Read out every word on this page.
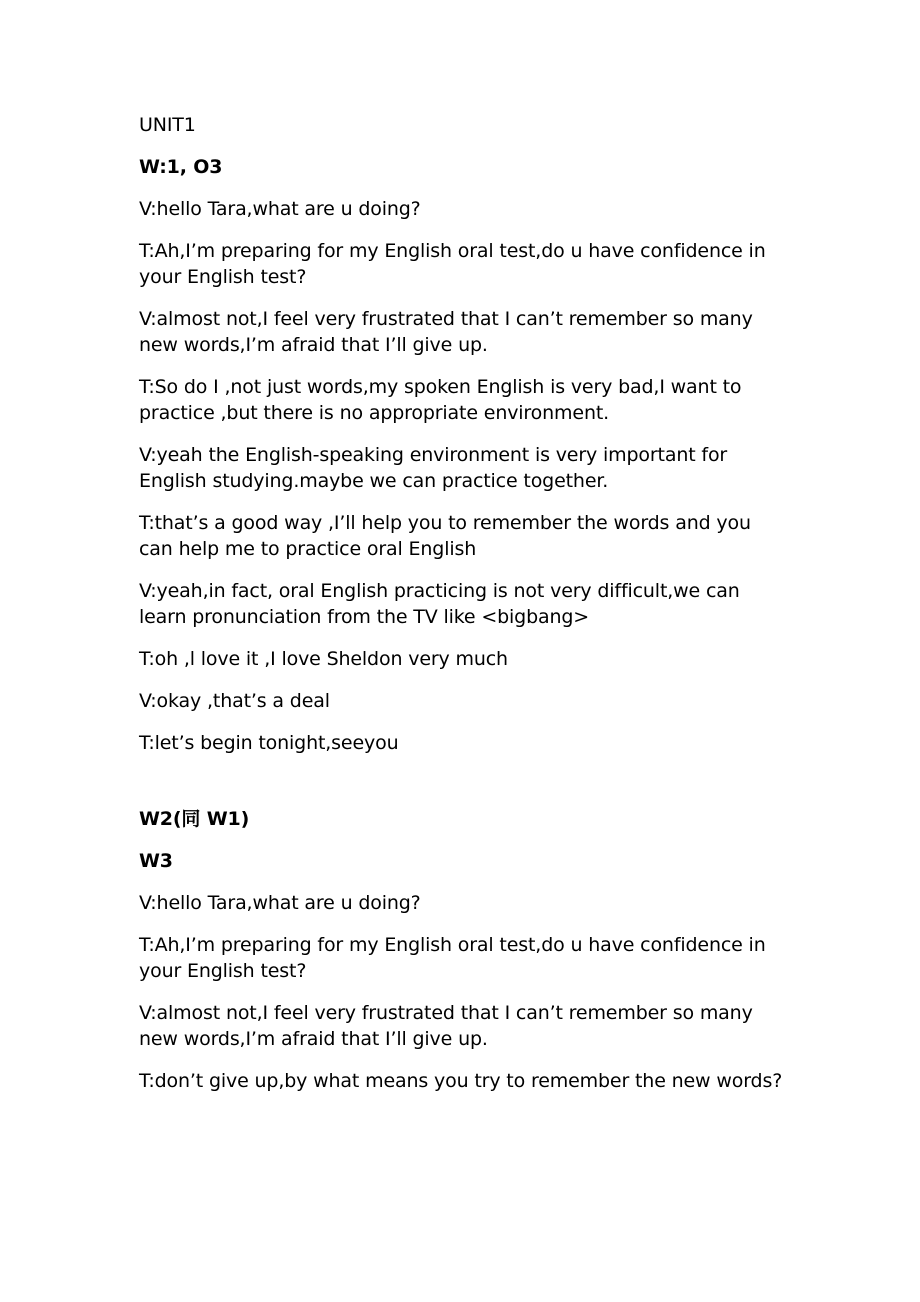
UNIT1
W:1, O3
V:hello Tara,what are u doing?
T:Ah,I’m preparing for my English oral test,do u have confidence in your English test?
V:almost not,I feel very frustrated that I can’t remember so many new words,I’m afraid that I’ll give up.
T:So do I ,not just words,my spoken English is very bad,I want to practice ,but there is no appropriate environment.
V:yeah the English-speaking environment is very important for English studying.maybe we can practice together.
T:that’s a good way ,I’ll help you to remember the words and you can help me to practice oral English
V:yeah,in fact, oral English practicing is not very difficult,we can learn pronunciation from the TV like <bigbang>
T:oh ,l love it ,I love Sheldon very much
V:okay ,that’s a deal
T:let’s begin tonight,seeyou
W2(同 W1)
W3
V:hello Tara,what are u doing?
T:Ah,I’m preparing for my English oral test,do u have confidence in your English test?
V:almost not,I feel very frustrated that I can’t remember so many new words,I’m afraid that I’ll give up.
T:don’t give up,by what means you try to remember the new words?
